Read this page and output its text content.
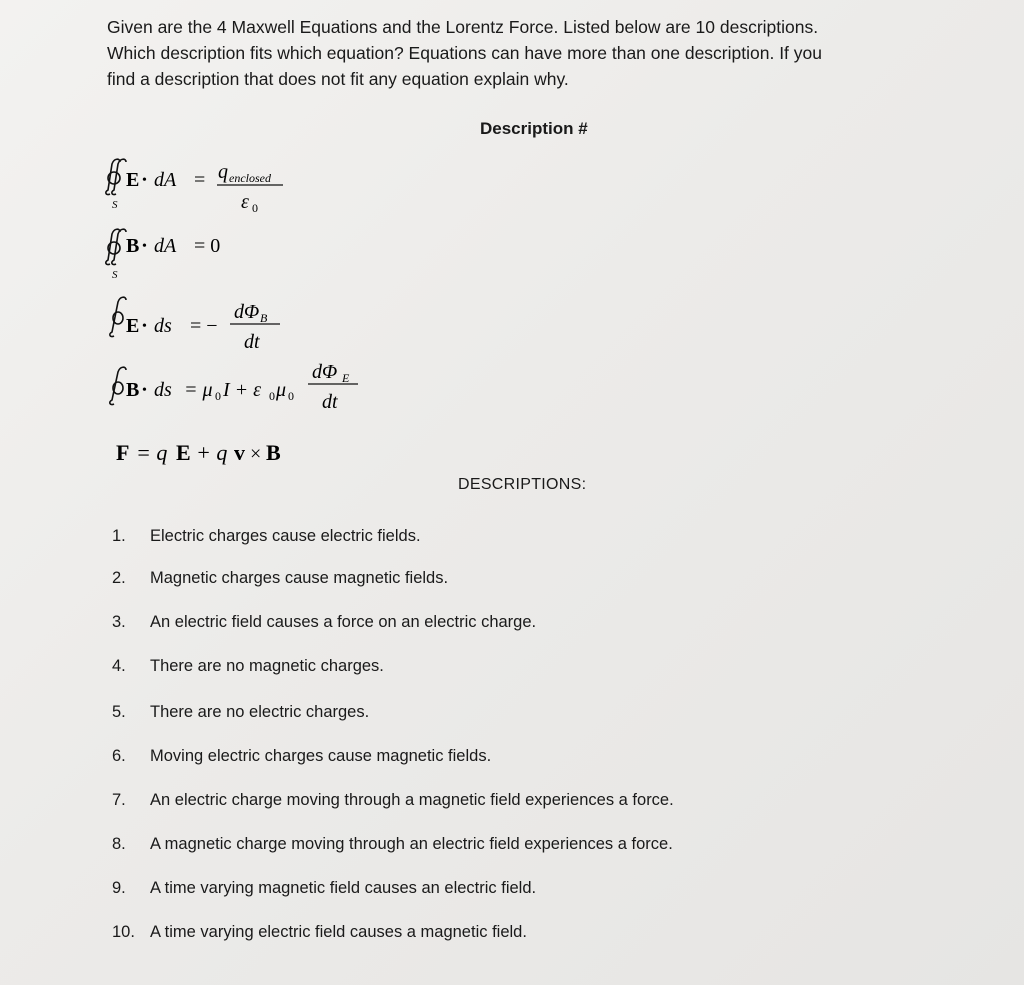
Given are the 4 Maxwell Equations and the Lorentz Force. Listed below are 10 descriptions.
Which description fits which equation? Equations can have more than one description. If you
find a description that does not fit any equation explain why.

Description #
S
E • dA = q enclosed
ε 0
S
B • dA = 0
E • ds = −
dΦ B
dt
B • ds = μ 0 I + ε 0 μ 0
dΦ E
dt
F = q E + q v × B
DESCRIPTIONS:
1. Electric charges cause electric fields.
2. Magnetic charges cause magnetic fields.
3. An electric field causes a force on an electric charge.
4. There are no magnetic charges.
5. There are no electric charges.
6. Moving electric charges cause magnetic fields.
7. An electric charge moving through a magnetic field experiences a force.
8. A magnetic charge moving through an electric field experiences a force.
9. A time varying magnetic field causes an electric field.
10. A time varying electric field causes a magnetic field.
